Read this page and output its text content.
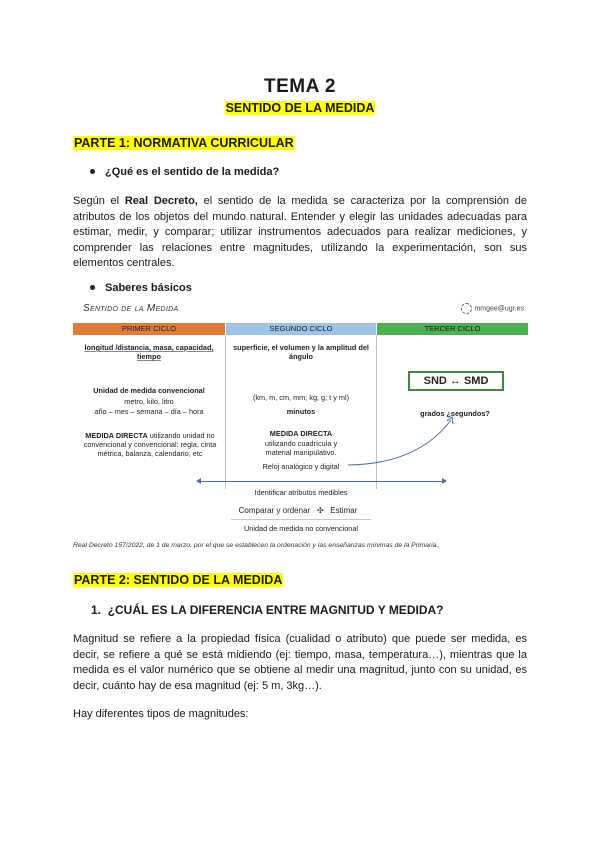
TEMA 2
SENTIDO DE LA MEDIDA
PARTE 1: NORMATIVA CURRICULAR
¿Qué es el sentido de la medida?
Según el Real Decreto, el sentido de la medida se caracteriza por la comprensión de atributos de los objetos del mundo natural. Entender y elegir las unidades adecuadas para estimar, medir, y comparar; utilizar instrumentos adecuados para realizar mediciones, y comprender las relaciones entre magnitudes, utilizando la experimentación, son sus elementos centrales.
Saberes básicos
Sentido de la Medida	mmgee@ugr.es
PRIMER CICLO	SEGUNDO CICLO	TERCER CICLO
longitud /distancia, masa, capacidad, tiempo
Unidad de medida convencional
metro, kilo, litro
año – mes – semana – día – hora
MEDIDA DIRECTA utilizando unidad no convencional y convencional: regla, cinta métrica, balanza, calendario, etc
superficie, el volumen y la amplitud del ángulo
(km, m, cm, mm; kg, g; t y ml)
minutos
MEDIDA DIRECTA
utilizando cuadrícula y
material manipulativo.
Reloj analógico y digital
SND ↔ SMD
grados ¿segundos?
Identificar atributos medibles
Comparar y ordenar ✣ Estimar
Unidad de medida no convencional
Real Decreto 157/2022, de 1 de marzo, por el que se establecen la ordenación y las enseñanzas mínimas de la Primaria.
PARTE 2: SENTIDO DE LA MEDIDA
1. ¿CUÁL ES LA DIFERENCIA ENTRE MAGNITUD Y MEDIDA?
Magnitud se refiere a la propiedad física (cualidad o atributo) que puede ser medida, es decir, se refiere a qué se está midiendo (ej: tiempo, masa, temperatura…), mientras que la medida es el valor numérico que se obtiene al medir una magnitud, junto con su unidad, es decir, cuánto hay de esa magnitud (ej: 5 m, 3kg…).
Hay diferentes tipos de magnitudes:
